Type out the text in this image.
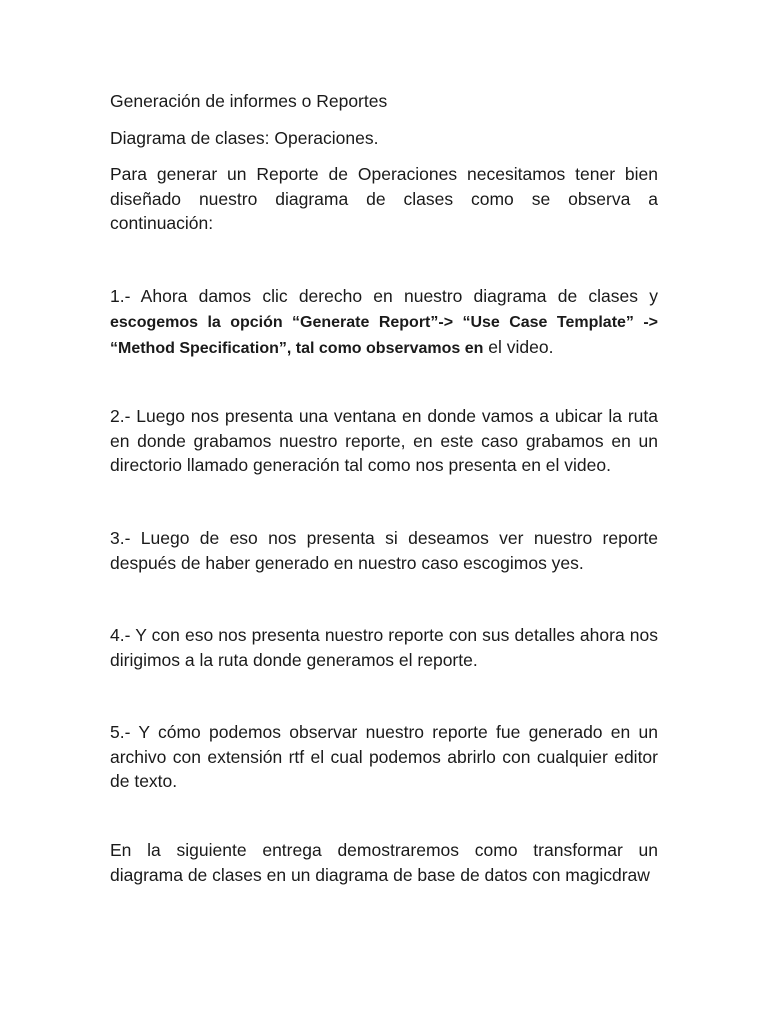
Generación de informes o Reportes

Diagrama de clases: Operaciones.

Para generar un Reporte de Operaciones necesitamos tener bien diseñado nuestro diagrama de clases como se observa a continuación:

1.- Ahora damos clic derecho en nuestro diagrama de clases y escogemos la opción “Generate Report”-> “Use Case Template” -> “Method Specification”, tal como observamos en el video.

2.- Luego nos presenta una ventana en donde vamos a ubicar la ruta en donde grabamos nuestro reporte, en este caso grabamos en un directorio llamado generación tal como nos presenta en el video.

3.- Luego de eso nos presenta si deseamos ver nuestro reporte después de haber generado en nuestro caso escogimos yes.

4.- Y con eso nos presenta nuestro reporte con sus detalles ahora nos dirigimos a la ruta donde generamos el reporte.

5.- Y cómo podemos observar nuestro reporte fue generado en un archivo con extensión rtf el cual podemos abrirlo con cualquier editor de texto.

En la siguiente entrega demostraremos como transformar un diagrama de clases en un diagrama de base de datos con magicdraw
